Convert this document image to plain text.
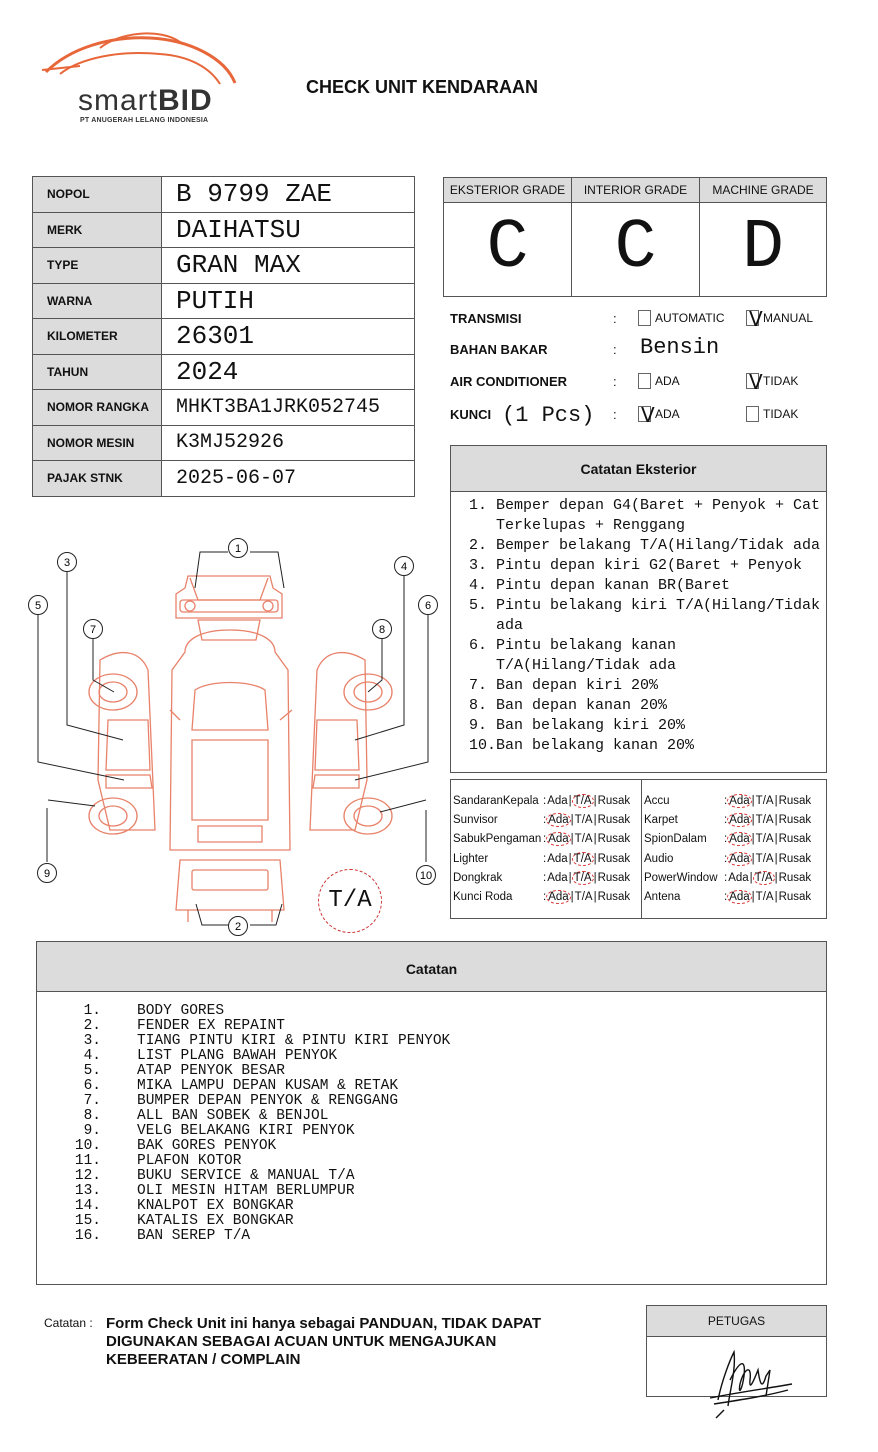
smartBID
PT ANUGERAH LELANG INDONESIA
CHECK UNIT KENDARAAN
NOPOL	B 9799 ZAE
MERK	DAIHATSU
TYPE	GRAN MAX
WARNA	PUTIH
KILOMETER	26301
TAHUN	2024
NOMOR RANGKA	MHKT3BA1JRK052745
NOMOR MESIN	K3MJ52926
PAJAK STNK	2025-06-07
EKSTERIOR GRADE
C
INTERIOR GRADE
C
MACHINE GRADE
D
TRANSMISI	:	AUTOMATIC V MANUAL
BAHAN BAKAR	: Bensin
AIR CONDITIONER	:	ADA	V TIDAK
KUNCI (1 Pcs) : V ADA	TIDAK
Catatan Eksterior
1. Bemper depan G4(Baret + Penyok + Cat Terkelupas + Renggang
2. Bemper belakang T/A(Hilang/Tidak ada
3. Pintu depan kiri G2(Baret + Penyok
4. Pintu depan kanan BR(Baret
5. Pintu belakang kiri T/A(Hilang/Tidak ada
6. Pintu belakang kanan T/A(Hilang/Tidak ada
7. Ban depan kiri 20%
8. Ban depan kanan 20%
9. Ban belakang kiri 20%
10.Ban belakang kanan 20%
SandaranKepala : Ada | T/A | Rusak
Sunvisor	: Ada | T/A | Rusak
SabukPengaman : Ada | T/A | Rusak
Lighter	: Ada | T/A | Rusak
Dongkrak	: Ada | T/A | Rusak
Kunci Roda	: Ada | T/A | Rusak
Accu	: Ada | T/A | Rusak
Karpet	: Ada | T/A | Rusak
SpionDalam	: Ada | T/A | Rusak
Audio	: Ada | T/A | Rusak
PowerWindow : Ada | T/A | Rusak
Antena	: Ada | T/A | Rusak
1
2
3	4
5	6
7	8
9	10
T/A
Catatan
1. BODY GORES
2. FENDER EX REPAINT
3. TIANG PINTU KIRI & PINTU KIRI PENYOK
4. LIST PLANG BAWAH PENYOK
5. ATAP PENYOK BESAR
6. MIKA LAMPU DEPAN KUSAM & RETAK
7. BUMPER DEPAN PENYOK & RENGGANG
8. ALL BAN SOBEK & BENJOL
9. VELG BELAKANG KIRI PENYOK
10. BAK GORES PENYOK
11. PLAFON KOTOR
12. BUKU SERVICE & MANUAL T/A
13. OLI MESIN HITAM BERLUMPUR
14. KNALPOT EX BONGKAR
15. KATALIS EX BONGKAR
16. BAN SEREP T/A
Catatan : Form Check Unit ini hanya sebagai PANDUAN, TIDAK DAPAT DIGUNAKAN SEBAGAI ACUAN UNTUK MENGAJUKAN KEBEERATAN / COMPLAIN
PETUGAS
